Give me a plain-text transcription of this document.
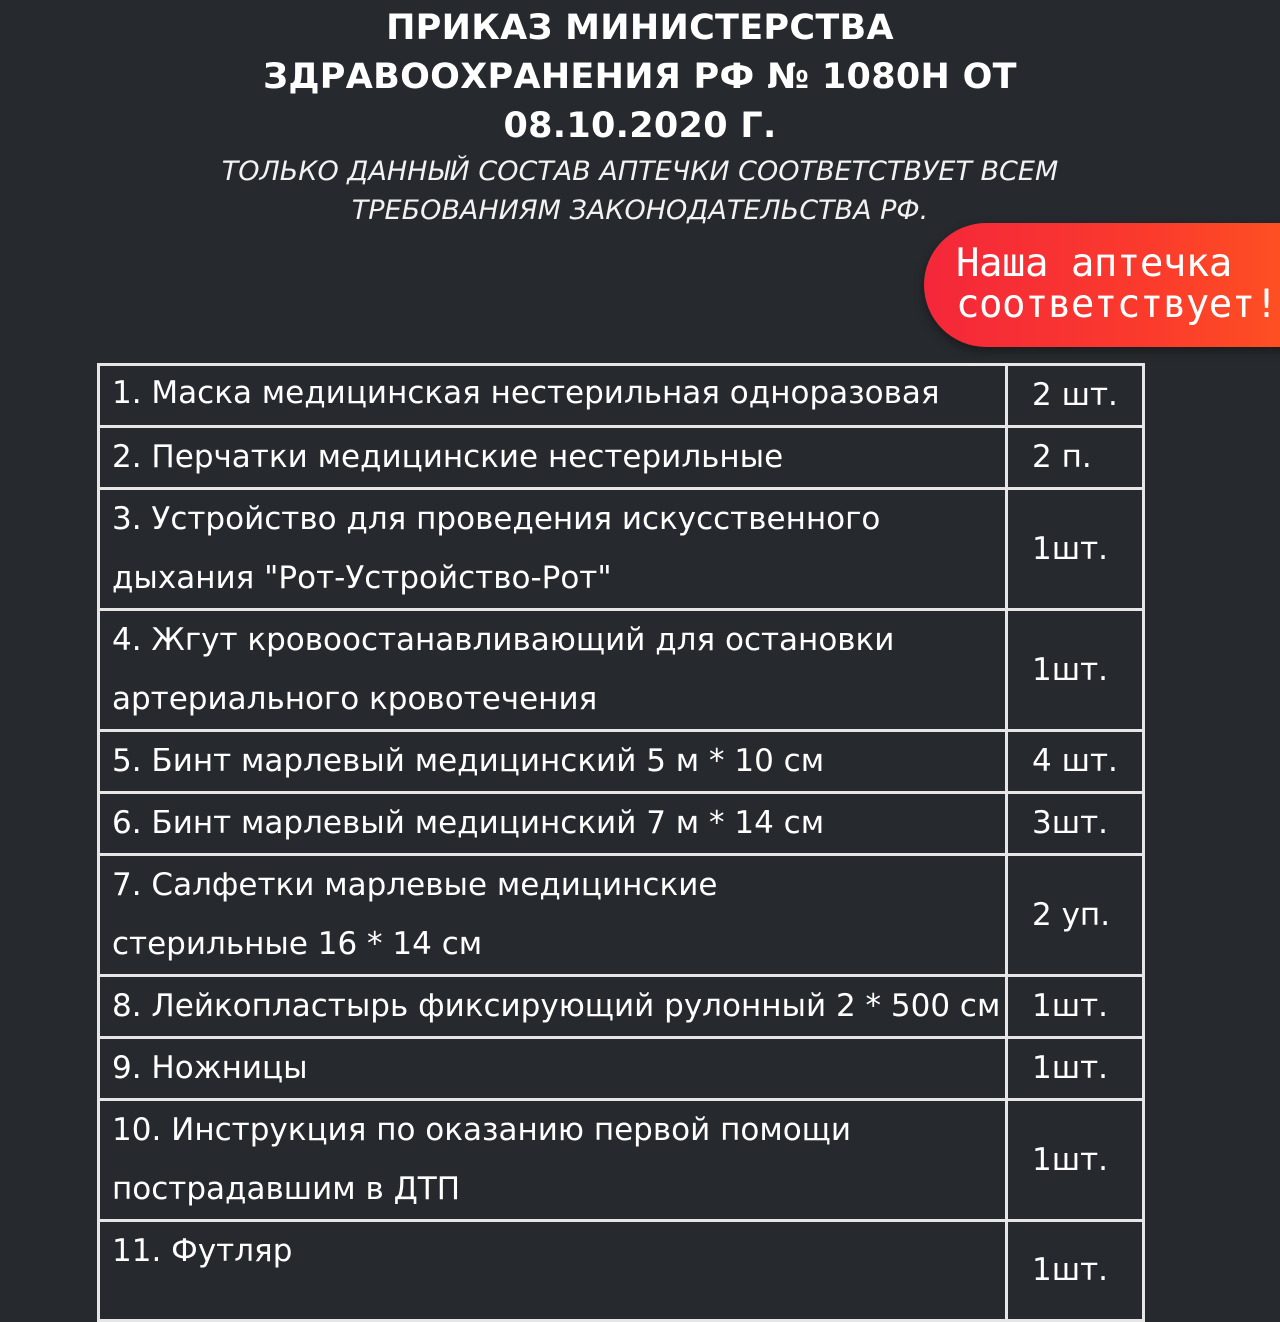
ПРИКАЗ МИНИСТЕРСТВА
ЗДРАВООХРАНЕНИЯ РФ № 1080Н ОТ
08.10.2020 Г.
ТОЛЬКО ДАННЫЙ СОСТАВ АПТЕЧКИ СООТВЕТСТВУЕТ ВСЕМ
ТРЕБОВАНИЯМ ЗАКОНОДАТЕЛЬСТВА РФ.
Наша аптечка
соответствует!
1. Маска медицинская нестерильная одноразовая	2 шт.

2. Перчатки медицинские нестерильные	2 п.

3. Устройство для проведения искусственного
дыхания "Рот-Устройство-Рот"	1шт.

4. Жгут кровоостанавливающий для остановки
артериального кровотечения	1шт.

5. Бинт марлевый медицинский 5 м * 10 см	4 шт.

6. Бинт марлевый медицинский 7 м * 14 см	3шт.

7. Салфетки марлевые медицинские
стерильные 16 * 14 см	2 уп.

8. Лейкопластырь фиксирующий рулонный 2 * 500 см	1шт.

9. Ножницы	1шт.

10. Инструкция по оказанию первой помощи
пострадавшим в ДТП	1шт.

11. Футляр	1шт.
